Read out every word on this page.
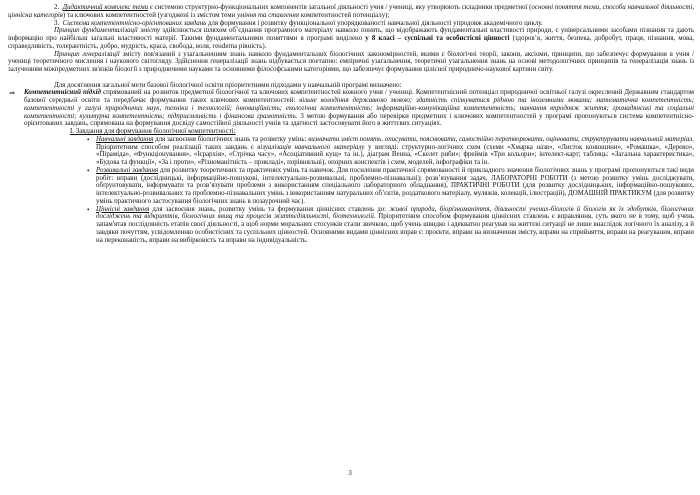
2. Дидактичний комплекс теми є системою структурно-функціональних компонентів загальної діяльності учня / учениці, яку утворюють складники предметної (основні поняття теми, способи навчальної діяльності, ціннісна категорія) та ключових компетентностей (узгоджені із змістом теми уміння та ставлення компетентностей потенціалу);

3. Система компетентнісно-орієнтованих завдань для формування і розвитку функціональної упорядкованості навчальної діяльності упродовж академічного циклу.

Принцип фундаменталізації змісту здійснюється шляхом об’єднання програмного матеріалу навколо понять, що відображають фундаментальні властивості природи, є універсальними засобами пізнання та дають інформацію про найбільш загальні властивості матерії. Такими фундаментальними поняттями в програмі виділено у 8 класі – суспільні та особистісні цінності (здоров’я, життя, безпека, добробут, праця, пізнання, мова, справедливість, толерантність, добро, мудрість, краса, свобода, воля, генderna рівність).

Принцип генералізації змісту пов'язаний з узагальненням знань навколо фундаментальних біологічних закономірностей, якими є біологічні теорії, закони, аксіоми, принципи, що забезпечує формування в учня / учениці теоретичного мислення і наукового світогляду. Здійснення генералізації знань відбувається поетапно: емпіричні узагальнення, теоретичні узагальнення знань на основі методологічних принципів та генералізація знань із залученням міжпредметних зв'язків біології з природничими науками та основними філософськими категоріями, що забезпечує формування цілісної природничо-наукової картини світу.

Для досягнення загальної мети базової біологічної освіти пріоритетними підходами у навчальній програмі визначено:

⇒ Компетентнісний підхід спрямований на розвиток предметної біологічної та ключових компетентностей кожного учня / учениці. Компетентнісний потенціал природничої освітньої галузі окреслений Державним стандартом базової середньої освіти та передбачає формування таких ключових компетентностей: вільне володіння державною мовою; здатність спілкуватися рідною та іноземними мовами; математична компетентність; компетентності у галузі природничих наук, техніки і технологій; інноваційність; екологічна компетентність; інформаційно-комунікаційна компетентність; навчання впродовж життя; громадянські та соціальні компетентності; культурна компетентність; підприємливість і фінансова грамотність. 3 метою формування або перевірки предметних і ключових компетентностей у програмі пропонуються система компетентнісно-орієнтованих завдань, спрямована на формування досвіду самостійної діяльності учнів та здатності застосовувати його в життєвих ситуаціях.

І. Завдання для формування біологічної компетентності:

• Навчальні завдання для засвоєння біологічних знань та розвитку умінь: визначати зміст понять, описувати, пояснювати, самостійно перетворювати, оцінювати, структурувати навчальний матеріал. Пріоритетним способом реалізації таких завдань є візуалізація навчального матеріалу у вигляді: структурно-логічних схем (схеми «Хмарка назв», «Листок конюшини», «Ромашка», «Дерево», «Піраміда», «Функціонування», «Ієрархія», «Стрічка часу», «Асоціативний кущ» та ін.), діаграм Венна, «Скелет риби»; фреймів «Три кольори»; інтелект-карт; таблиць: «Загальна характеристика», «Будова та функції», «За і проти», «Різноманітність – прикладі», порівняльні), опорних конспектів і схем, моделей, інфографіки та ін.

• Розвивальні завдання для розвитку теоретичних та практичних умінь та навичок. Для посилення практичної спрямованості й прикладного значення біологічних знань у програмі пропонуються такі види робіт: вправи (дослідницькі, інформаційно-пошукові, інтелектуально-розвивальні, проблемно-пізнавальні); розв’язування задач, ЛАБОРАТОРНІ РОБОТИ (з метою розвитку умінь досліджувати, обґрунтовувати, інформувати та розв’язувати проблеми з використанням спеціального лабораторного обладнання), ПРАКТИЧНІ РОБОТИ (для розвитку дослідницьких, інформаційно-пошукових, інтелектуально-розвивальних та проблемно-пізнавальних умінь з використанням натуральних об’єктів, роздаткового матеріалу, муляжів, колекцій, ілюстрацій), ДОМАШНІЙ ПРАКТИКУМ (для розвитку умінь практичного застосування біологічних знань в позаурочний час).

• Ціннісні завдання для засвоєння знань, розвитку умінь та формування ціннісних ставлень до: живої природи, біорізноманіття, діяльності учених-біологів й біологів як їх здобутків, біологічних досліджень та відкриттів, біологічних явищ та процесів життєдіяльності, біотехнологій. Пріоритетним способом формування ціннісних ставлень є вправляння, суть якого не в тому, щоб учень запам'ятав послідовність етапів своєї діяльності, а щоб норми моральних стосунків стали звичкою, щоб учень швидко і адекватно реагував на життєві ситуації не лише внаслідок логічного їх аналізу, а й завдяки почуттям, усвідомленню особистісних та суспільних цінностей. Основними видами ціннісних вправ є: проєкти, вправи на визначення змісту, вправи на сприйняття, вправи на реагування, вправи на переконаність, вправи на вибірковість та вправи на індивідуальність.

3
